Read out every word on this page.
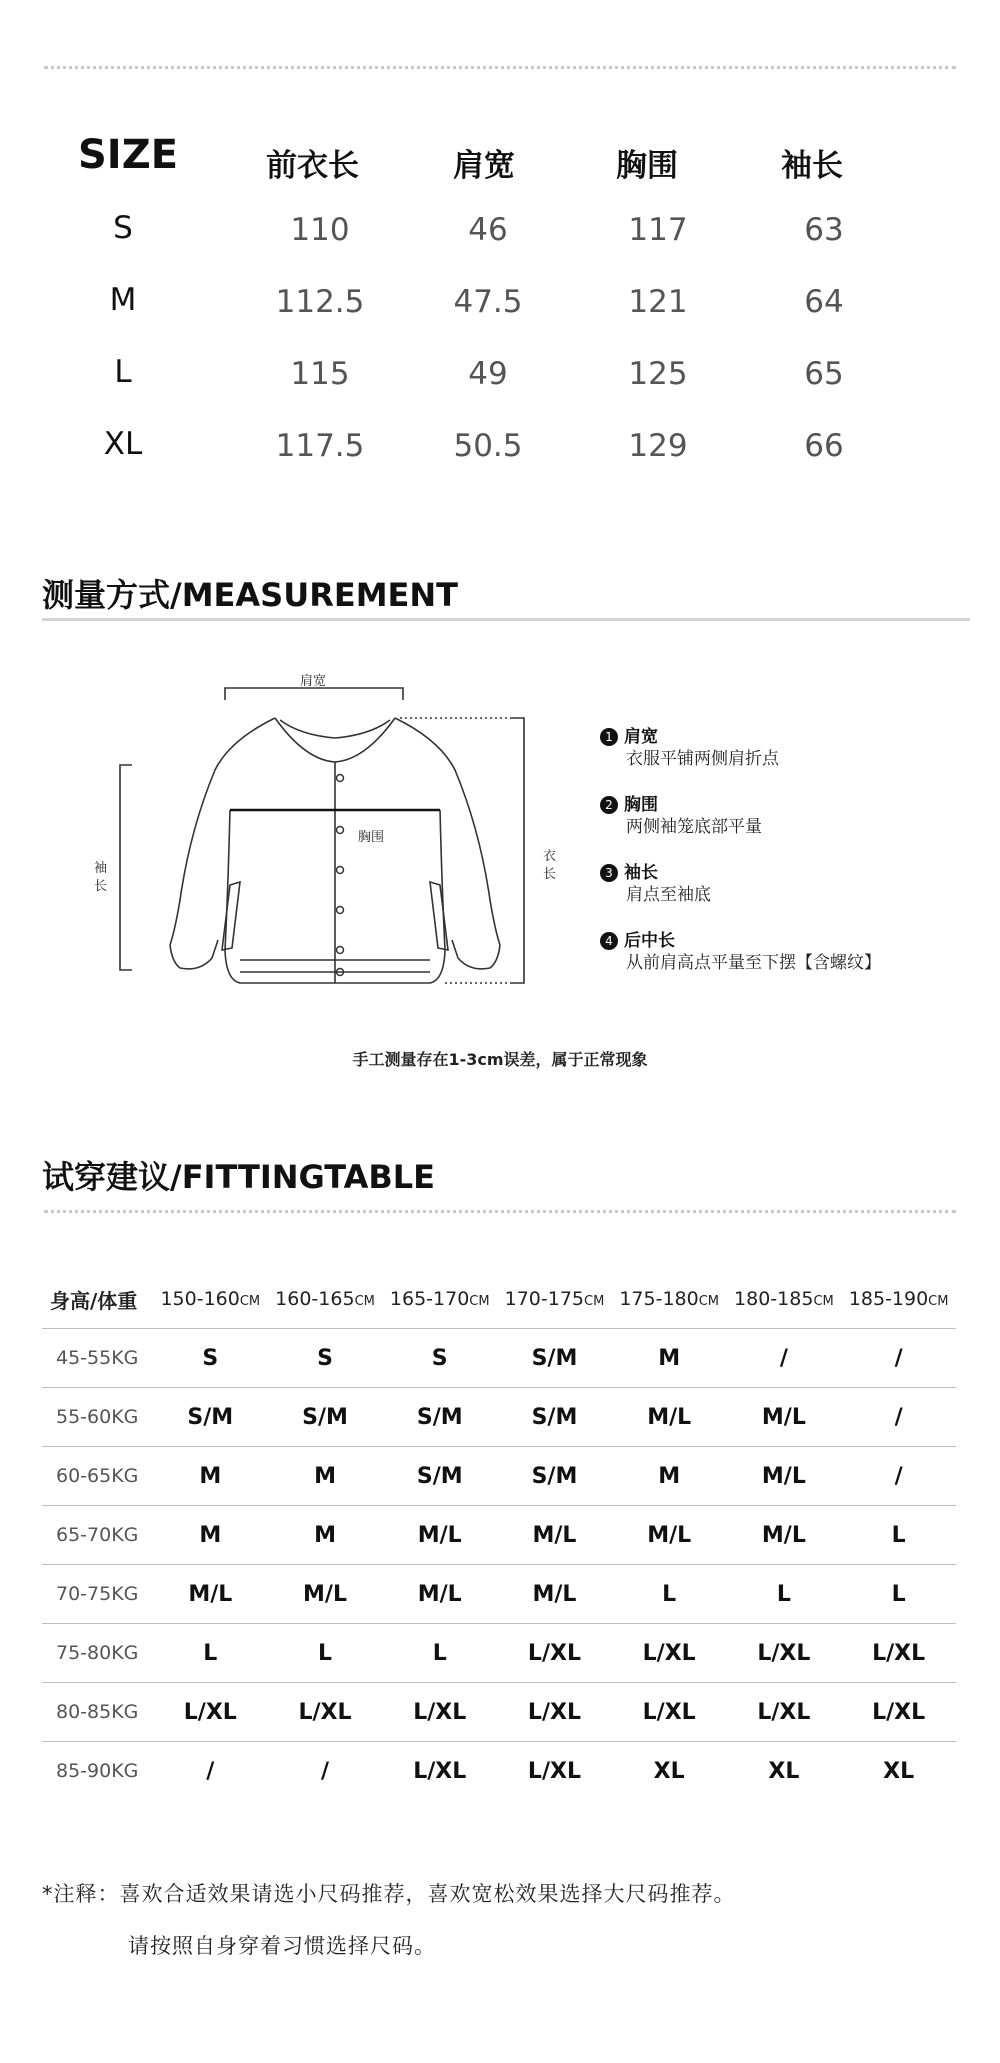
SIZE	前衣长	肩宽	胸围	袖长
S	110	46	117	63
M	112.5	47.5	121	64
L	115	49	125	65
XL	117.5	50.5	129	66
测量方式/MEASUREMENT
肩宽
胸围
袖长
衣长
1 肩宽
衣服平铺两侧肩折点
2 胸围
两侧袖笼底部平量
3 袖长
肩点至袖底
4 后中长
从前肩高点平量至下摆【含螺纹】
手工测量存在1-3cm误差，属于正常现象
试穿建议/FITTINGTABLE
身高/体重	150-160CM	160-165CM	165-170CM	170-175CM	175-180CM	180-185CM	185-190CM
45-55KG	S	S	S	S/M	M	/	/
55-60KG	S/M	S/M	S/M	S/M	M/L	M/L	/
60-65KG	M	M	S/M	S/M	M	M/L	/
65-70KG	M	M	M/L	M/L	M/L	M/L	L
70-75KG	M/L	M/L	M/L	M/L	L	L	L
75-80KG	L	L	L	L/XL	L/XL	L/XL	L/XL
80-85KG	L/XL	L/XL	L/XL	L/XL	L/XL	L/XL	L/XL
85-90KG	/	/	L/XL	L/XL	XL	XL	XL
*注释：喜欢合适效果请选小尺码推荐，喜欢宽松效果选择大尺码推荐。
请按照自身穿着习惯选择尺码。
